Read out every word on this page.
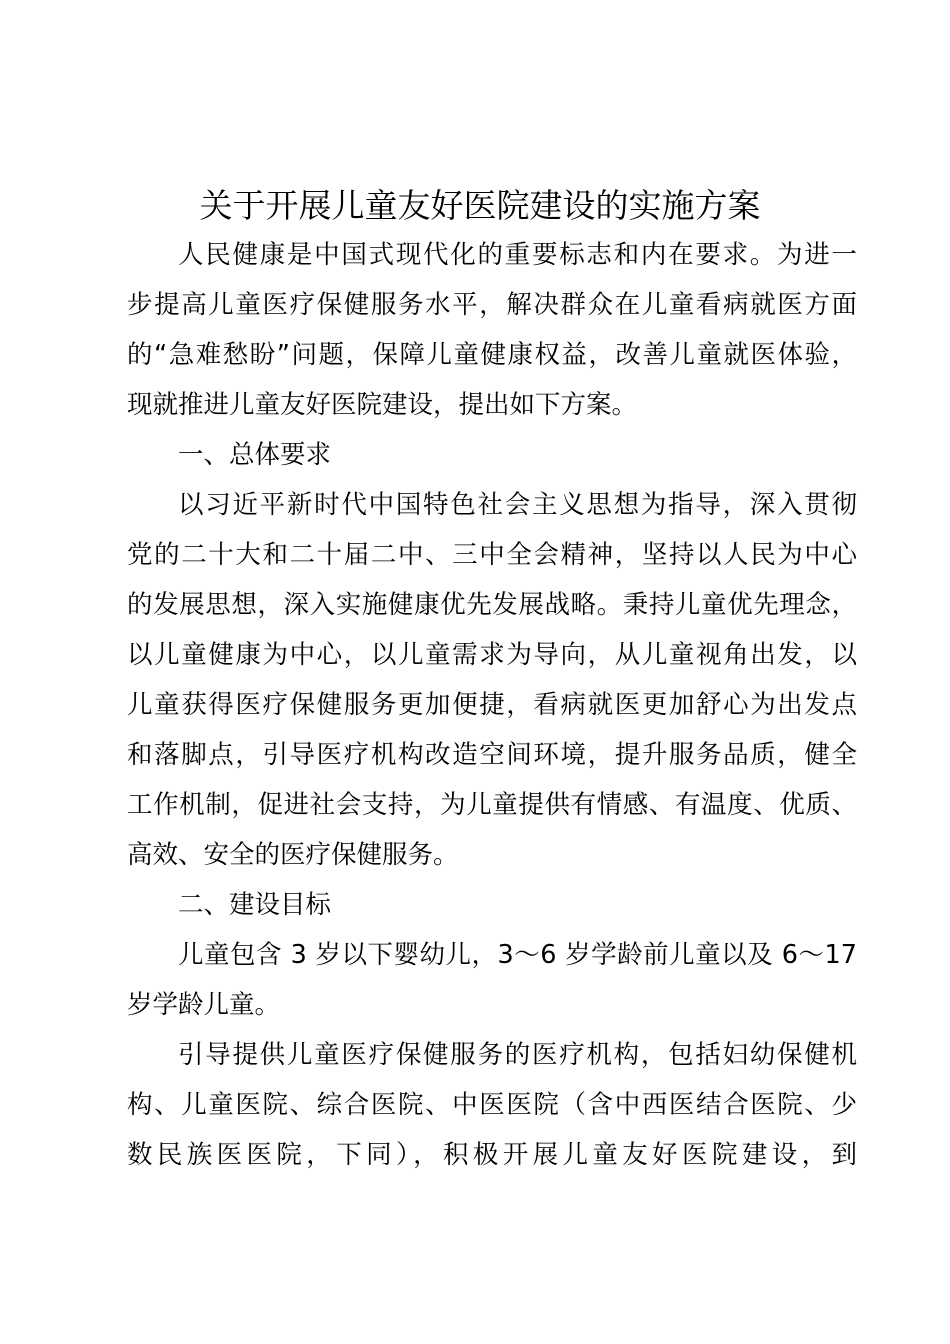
关于开展儿童友好医院建设的实施方案
人民健康是中国式现代化的重要标志和内在要求。为进一
步提高儿童医疗保健服务水平，解决群众在儿童看病就医方面
的“急难愁盼”问题，保障儿童健康权益，改善儿童就医体验，
现就推进儿童友好医院建设，提出如下方案。
一、总体要求
以习近平新时代中国特色社会主义思想为指导，深入贯彻
党的二十大和二十届二中、三中全会精神，坚持以人民为中心
的发展思想，深入实施健康优先发展战略。秉持儿童优先理念，
以儿童健康为中心，以儿童需求为导向，从儿童视角出发，以
儿童获得医疗保健服务更加便捷，看病就医更加舒心为出发点
和落脚点，引导医疗机构改造空间环境，提升服务品质，健全
工作机制，促进社会支持，为儿童提供有情感、有温度、优质、
高效、安全的医疗保健服务。
二、建设目标
儿童包含 3 岁以下婴幼儿，3～6 岁学龄前儿童以及 6～17
岁学龄儿童。
引导提供儿童医疗保健服务的医疗机构，包括妇幼保健机
构、儿童医院、综合医院、中医医院（含中西医结合医院、少
数民族医医院，下同），积极开展儿童友好医院建设，到
